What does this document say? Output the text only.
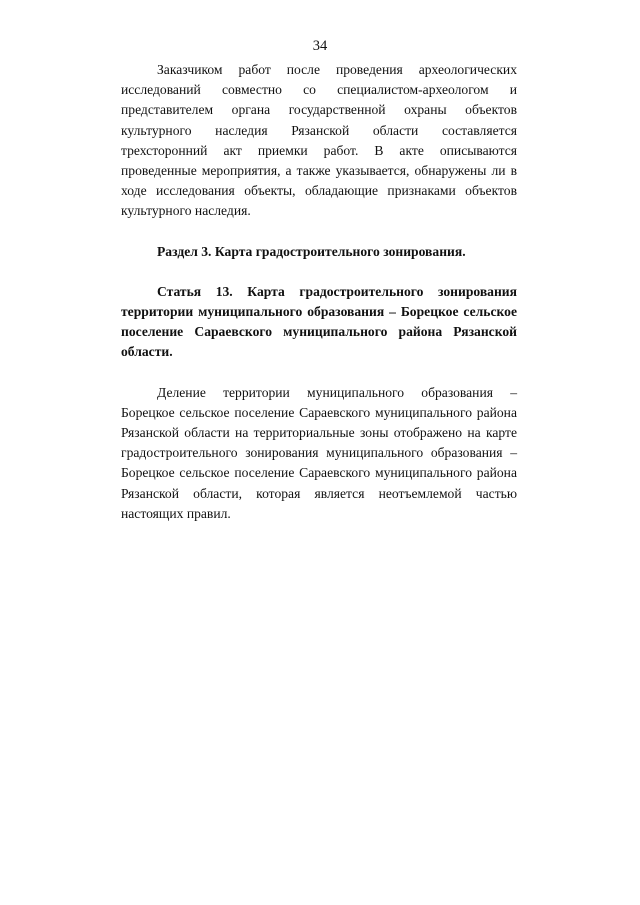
34

Заказчиком работ после проведения археологических исследований совместно со специалистом-археологом и представителем органа государственной охраны объектов культурного наследия Рязанской области составляется трехсторонний акт приемки работ. В акте описываются проведенные мероприятия, а также указывается, обнаружены ли в ходе исследования объекты, обладающие признаками объектов культурного наследия.

Раздел 3. Карта градостроительного зонирования.

Статья 13. Карта градостроительного зонирования территории муниципального образования – Борецкое сельское поселение Сараевского муниципального района Рязанской области.

Деление территории муниципального образования – Борецкое сельское поселение Сараевского муниципального района Рязанской области на территориальные зоны отображено на карте градостроительного зонирования муниципального образования – Борецкое сельское поселение Сараевского муниципального района Рязанской области, которая является неотъемлемой частью настоящих правил.
